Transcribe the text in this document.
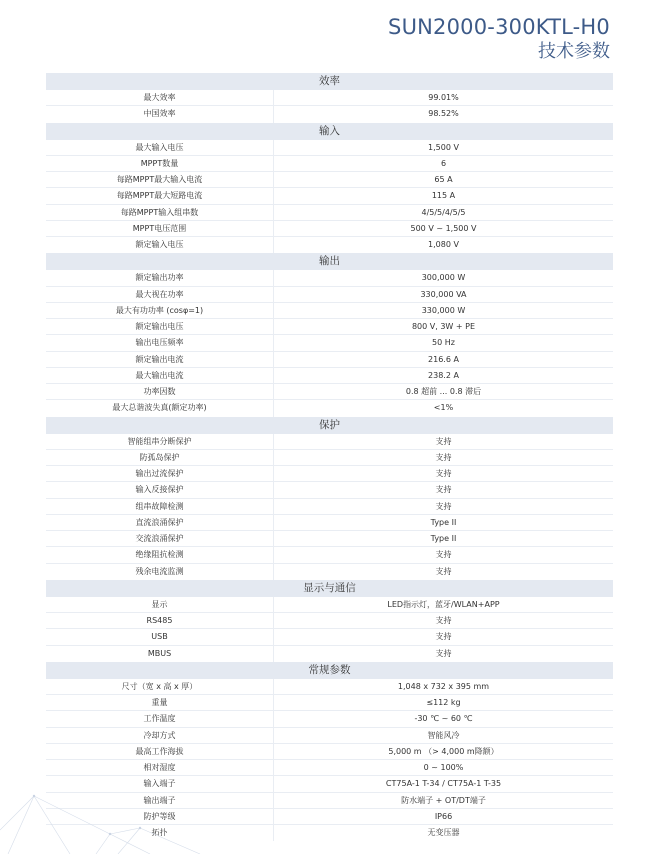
SUN2000-300KTL-H0
技术参数
效率
最大效率	99.01%
中国效率	98.52%
输入
最大输入电压	1,500 V
MPPT数量	6
每路MPPT最大输入电流	65 A
每路MPPT最大短路电流	115 A
每路MPPT输入组串数	4/5/5/4/5/5
MPPT电压范围	500 V ~ 1,500 V
额定输入电压	1,080 V
输出
额定输出功率	300,000 W
最大视在功率	330,000 VA
最大有功功率 (cosφ=1)	330,000 W
额定输出电压	800 V, 3W + PE
输出电压频率	50 Hz
额定输出电流	216.6 A
最大输出电流	238.2 A
功率因数	0.8 超前 ... 0.8 滞后
最大总谐波失真(额定功率)	<1%
保护
智能组串分断保护	支持
防孤岛保护	支持
输出过流保护	支持
输入反接保护	支持
组串故障检测	支持
直流浪涌保护	Type II
交流浪涌保护	Type II
绝缘阻抗检测	支持
残余电流监测	支持
显示与通信
显示	LED指示灯，蓝牙/WLAN+APP
RS485	支持
USB	支持
MBUS	支持
常规参数
尺寸（宽 x 高 x 厚）	1,048 x 732 x 395 mm
重量	≤112 kg
工作温度	-30 ℃ ~ 60 ℃
冷却方式	智能风冷
最高工作海拔	5,000 m （> 4,000 m降额）
相对湿度	0 ~ 100%
输入端子	CT75A-1 T-34 / CT75A-1 T-35
输出端子	防水端子 + OT/DT端子
防护等级	IP66
拓扑	无变压器
